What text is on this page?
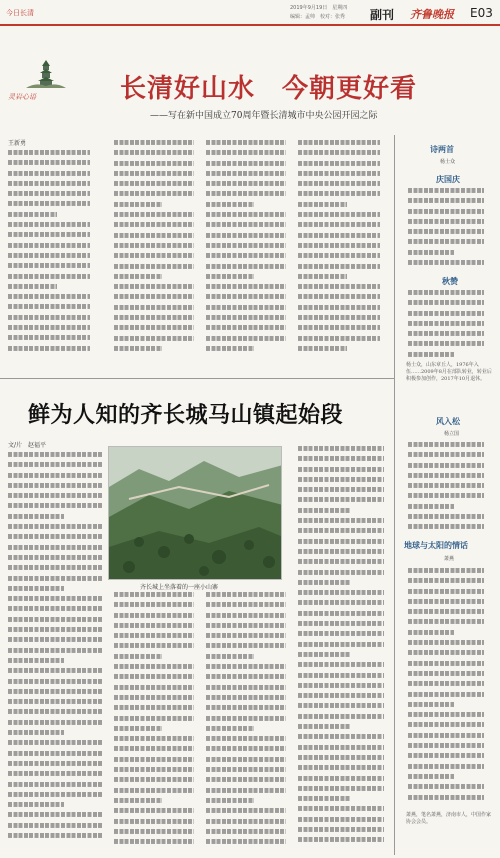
今日长清
2019年9月19日　星期四
编辑：孟帅　校对：张秀 副刊 齐鲁晚报 E03
灵岩心语	长清好山水　今朝更好看
——写在新中国成立70周年暨长清城市中央公园开园之际
王新勇
诗两首
杨士众
庆国庆
秋赞
杨士众，山东章丘人，1976年入伍……2009年8月在部队转业，转业后积极参加创作，2017年10月退休。
风入松
杨立国
地球与太阳的情话
萧燕
萧燕，笔名萧燕，济南市人，中国作家协会会员。
鲜为人知的齐长城马山镇起始段
文/片　赵福平
齐长城上坐落着的一座小山寨
